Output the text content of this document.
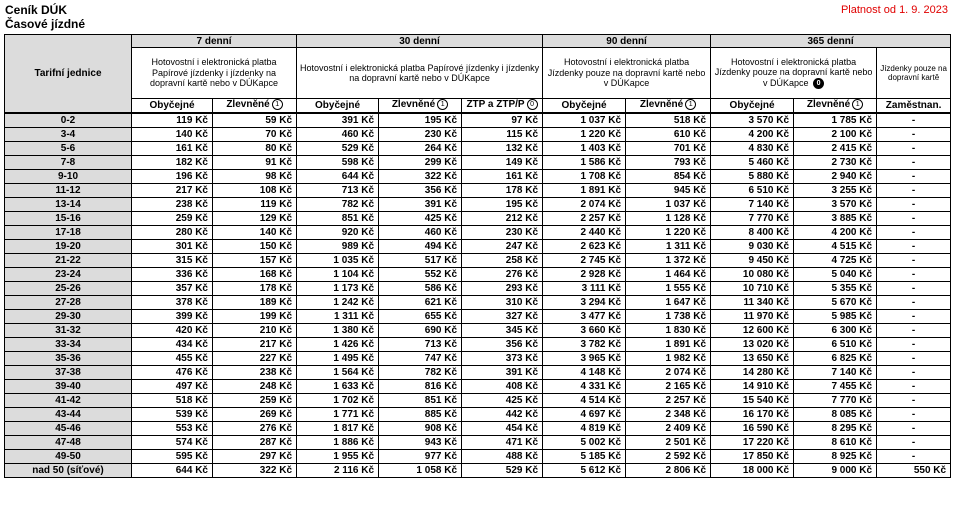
Ceník DÚK
Časové jízdné
Platnost od 1. 9. 2023
Tarifní jednice	7 denní		30 denní			90 denní		365 denní		
	Hotovostní i elektronická platba Papírové jízdenky i jízdenky na dopravní kartě nebo v DÚKapce		Hotovostní i elektronická platba Papírové jízdenky i jízdenky na dopravní kartě nebo v DÚKapce			Hotovostní i elektronická platba Jízdenky pouze na dopravní kartě nebo v DÚKapce		Hotovostní i elektronická platba Jízdenky pouze na dopravní kartě nebo v DÚKapce 0		Jízdenky pouze na dopravní kartě
	Obyčejné	Zlevněné 1	Obyčejné	Zlevněné 1	ZTP a ZTP/P 0	Obyčejné	Zlevněné 1	Obyčejné	Zlevněné 1	Zaměstnan.
0-2	119 Kč	59 Kč	391 Kč	195 Kč	97 Kč	1 037 Kč	518 Kč	3 570 Kč	1 785 Kč	-
3-4	140 Kč	70 Kč	460 Kč	230 Kč	115 Kč	1 220 Kč	610 Kč	4 200 Kč	2 100 Kč	-
5-6	161 Kč	80 Kč	529 Kč	264 Kč	132 Kč	1 403 Kč	701 Kč	4 830 Kč	2 415 Kč	-
7-8	182 Kč	91 Kč	598 Kč	299 Kč	149 Kč	1 586 Kč	793 Kč	5 460 Kč	2 730 Kč	-
9-10	196 Kč	98 Kč	644 Kč	322 Kč	161 Kč	1 708 Kč	854 Kč	5 880 Kč	2 940 Kč	-
11-12	217 Kč	108 Kč	713 Kč	356 Kč	178 Kč	1 891 Kč	945 Kč	6 510 Kč	3 255 Kč	-
13-14	238 Kč	119 Kč	782 Kč	391 Kč	195 Kč	2 074 Kč	1 037 Kč	7 140 Kč	3 570 Kč	-
15-16	259 Kč	129 Kč	851 Kč	425 Kč	212 Kč	2 257 Kč	1 128 Kč	7 770 Kč	3 885 Kč	-
17-18	280 Kč	140 Kč	920 Kč	460 Kč	230 Kč	2 440 Kč	1 220 Kč	8 400 Kč	4 200 Kč	-
19-20	301 Kč	150 Kč	989 Kč	494 Kč	247 Kč	2 623 Kč	1 311 Kč	9 030 Kč	4 515 Kč	-
21-22	315 Kč	157 Kč	1 035 Kč	517 Kč	258 Kč	2 745 Kč	1 372 Kč	9 450 Kč	4 725 Kč	-
23-24	336 Kč	168 Kč	1 104 Kč	552 Kč	276 Kč	2 928 Kč	1 464 Kč	10 080 Kč	5 040 Kč	-
25-26	357 Kč	178 Kč	1 173 Kč	586 Kč	293 Kč	3 111 Kč	1 555 Kč	10 710 Kč	5 355 Kč	-
27-28	378 Kč	189 Kč	1 242 Kč	621 Kč	310 Kč	3 294 Kč	1 647 Kč	11 340 Kč	5 670 Kč	-
29-30	399 Kč	199 Kč	1 311 Kč	655 Kč	327 Kč	3 477 Kč	1 738 Kč	11 970 Kč	5 985 Kč	-
31-32	420 Kč	210 Kč	1 380 Kč	690 Kč	345 Kč	3 660 Kč	1 830 Kč	12 600 Kč	6 300 Kč	-
33-34	434 Kč	217 Kč	1 426 Kč	713 Kč	356 Kč	3 782 Kč	1 891 Kč	13 020 Kč	6 510 Kč	-
35-36	455 Kč	227 Kč	1 495 Kč	747 Kč	373 Kč	3 965 Kč	1 982 Kč	13 650 Kč	6 825 Kč	-
37-38	476 Kč	238 Kč	1 564 Kč	782 Kč	391 Kč	4 148 Kč	2 074 Kč	14 280 Kč	7 140 Kč	-
39-40	497 Kč	248 Kč	1 633 Kč	816 Kč	408 Kč	4 331 Kč	2 165 Kč	14 910 Kč	7 455 Kč	-
41-42	518 Kč	259 Kč	1 702 Kč	851 Kč	425 Kč	4 514 Kč	2 257 Kč	15 540 Kč	7 770 Kč	-
43-44	539 Kč	269 Kč	1 771 Kč	885 Kč	442 Kč	4 697 Kč	2 348 Kč	16 170 Kč	8 085 Kč	-
45-46	553 Kč	276 Kč	1 817 Kč	908 Kč	454 Kč	4 819 Kč	2 409 Kč	16 590 Kč	8 295 Kč	-
47-48	574 Kč	287 Kč	1 886 Kč	943 Kč	471 Kč	5 002 Kč	2 501 Kč	17 220 Kč	8 610 Kč	-
49-50	595 Kč	297 Kč	1 955 Kč	977 Kč	488 Kč	5 185 Kč	2 592 Kč	17 850 Kč	8 925 Kč	-
nad 50 (síťové)	644 Kč	322 Kč	2 116 Kč	1 058 Kč	529 Kč	5 612 Kč	2 806 Kč	18 000 Kč	9 000 Kč	550 Kč
